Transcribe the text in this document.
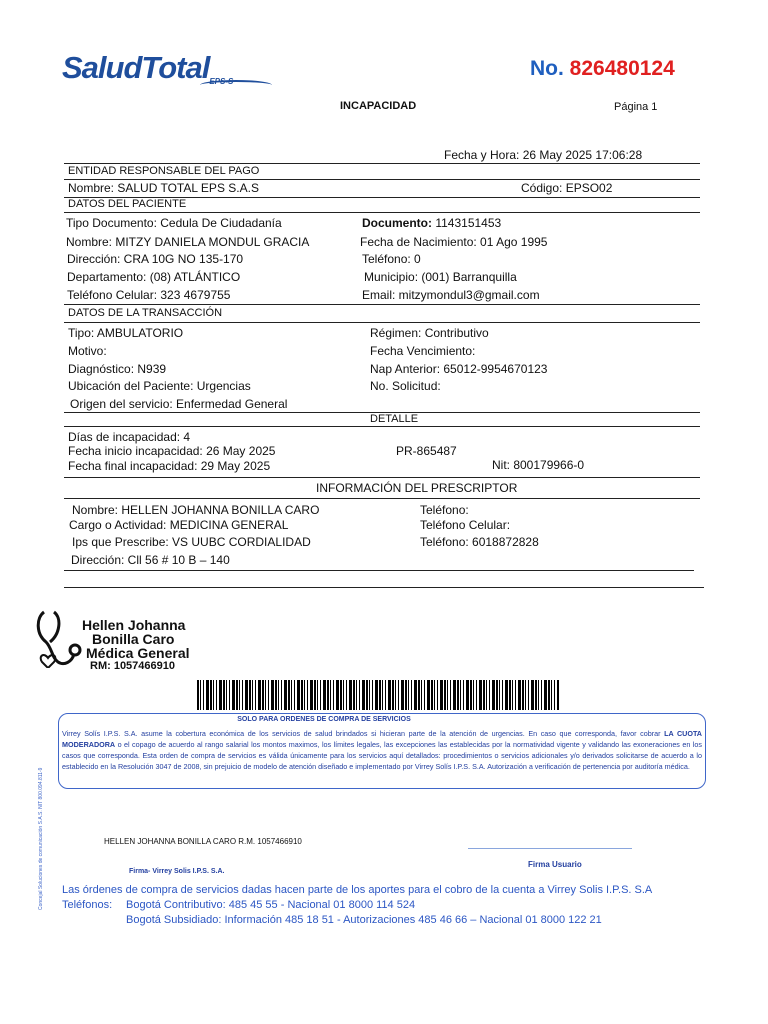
SaludTotalEPS-S
No. 826480124
INCAPACIDAD	Página 1
Fecha y Hora: 26 May 2025 17:06:28
ENTIDAD RESPONSABLE DEL PAGO
Nombre: SALUD TOTAL EPS S.A.S	Código: EPSO02
DATOS DEL PACIENTE
Tipo Documento: Cedula De Ciudadanía	Documento: 1143151453
Nombre: MITZY DANIELA MONDUL GRACIA	Fecha de Nacimiento: 01 Ago 1995
Dirección: CRA 10G NO 135-170	Teléfono: 0
Departamento: (08) ATLÁNTICO	Municipio: (001) Barranquilla
Teléfono Celular: 323 4679755	Email: mitzymondul3@gmail.com
DATOS DE LA TRANSACCIÓN
Tipo: AMBULATORIO	Régimen: Contributivo
Motivo:	Fecha Vencimiento:
Diagnóstico: N939	Nap Anterior: 65012-9954670123
Ubicación del Paciente: Urgencias	No. Solicitud:
Origen del servicio: Enfermedad General
DETALLE
Días de incapacidad: 4
Fecha inicio incapacidad: 26 May 2025	PR-865487
Fecha final incapacidad: 29 May 2025	Nit: 800179966-0
INFORMACIÓN DEL PRESCRIPTOR
Nombre: HELLEN JOHANNA BONILLA CARO	Teléfono:
Cargo o Actividad: MEDICINA GENERAL	Teléfono Celular:
Ips que Prescribe: VS UUBC CORDIALIDAD	Teléfono: 6018872828
Dirección: Cll 56 # 10 B – 140
Hellen Johanna
Bonilla Caro
Médica General
RM: 1057466910
SOLO PARA ORDENES DE COMPRA DE SERVICIOS
Virrey Solís I.P.S. S.A. asume la cobertura económica de los servicios de salud brindados si hicieran parte de la atención de urgencias. En caso que corresponda, favor cobrar LA CUOTA MODERADORA o el copago de acuerdo al rango salarial los montos maximos, los límites legales, las excepciones las establecidas por la normatividad vigente y validando las exoneraciones en los casos que corresponda. Esta orden de compra de servicios es válida únicamente para los servicios aquí detallados: procedimientos o servicios adicionales y/o derivados solicitarse de acuerdo a lo establecido en la Resolución 3047 de 2008, sin prejuicio de modelo de atención diseñado e implementado por Virrey Solís I.P.S. S.A. Autorización a verificación de pertenencia por auditoría médica.
Concejal Soluciones de comunicación S.A.S. NIT 800.094.811-9	HELLEN JOHANNA BONILLA CARO R.M. 1057466910
Firma Usuario
Firma- Virrey Solis I.P.S. S.A.
Las órdenes de compra de servicios dadas hacen parte de los aportes para el cobro de la cuenta a Virrey Solis I.P.S. S.A
Teléfonos: Bogotá Contributivo: 485 45 55 - Nacional 01 8000 114 524
Bogotá Subsidiado: Información 485 18 51 - Autorizaciones 485 46 66 – Nacional 01 8000 122 21
